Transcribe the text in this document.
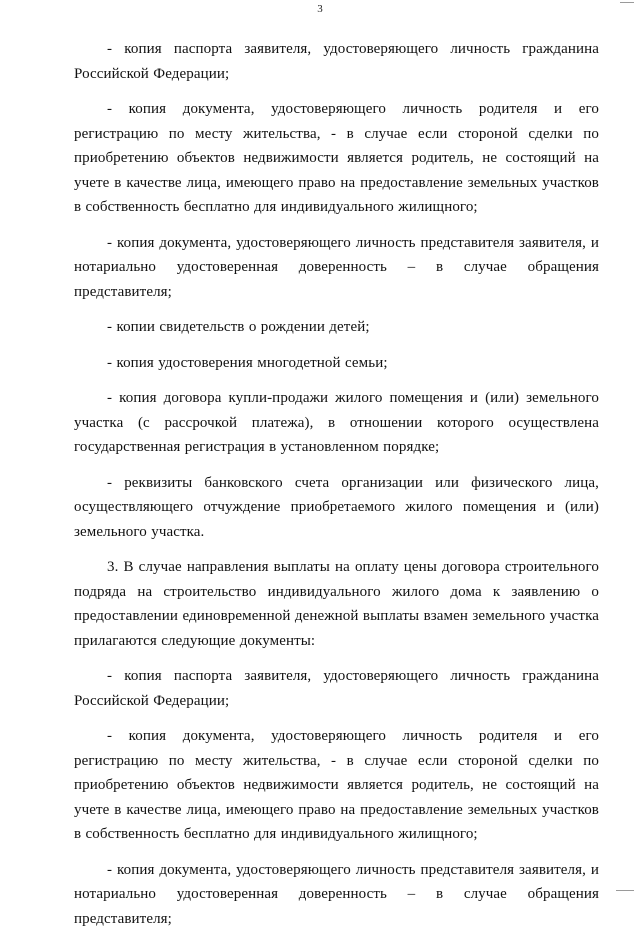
3

- копия паспорта заявителя, удостоверяющего личность гражданина Российской Федерации;

- копия документа, удостоверяющего личность родителя и его регистрацию по месту жительства, - в случае если стороной сделки по приобретению объектов недвижимости является родитель, не состоящий на учете в качестве лица, имеющего право на предоставление земельных участков в собственность бесплатно для индивидуального жилищного;

- копия документа, удостоверяющего личность представителя заявителя, и нотариально удостоверенная доверенность – в случае обращения представителя;

- копии свидетельств о рождении детей;

- копия удостоверения многодетной семьи;

- копия договора купли-продажи жилого помещения и (или) земельного участка (с рассрочкой платежа), в отношении которого осуществлена государственная регистрация в установленном порядке;

- реквизиты банковского счета организации или физического лица, осуществляющего отчуждение приобретаемого жилого помещения и (или) земельного участка.

3. В случае направления выплаты на оплату цены договора строительного подряда на строительство индивидуального жилого дома к заявлению о предоставлении единовременной денежной выплаты взамен земельного участка прилагаются следующие документы:

- копия паспорта заявителя, удостоверяющего личность гражданина Российской Федерации;

- копия документа, удостоверяющего личность родителя и его регистрацию по месту жительства, - в случае если стороной сделки по приобретению объектов недвижимости является родитель, не состоящий на учете в качестве лица, имеющего право на предоставление земельных участков в собственность бесплатно для индивидуального жилищного;

- копия документа, удостоверяющего личность представителя заявителя, и нотариально удостоверенная доверенность – в случае обращения представителя;
